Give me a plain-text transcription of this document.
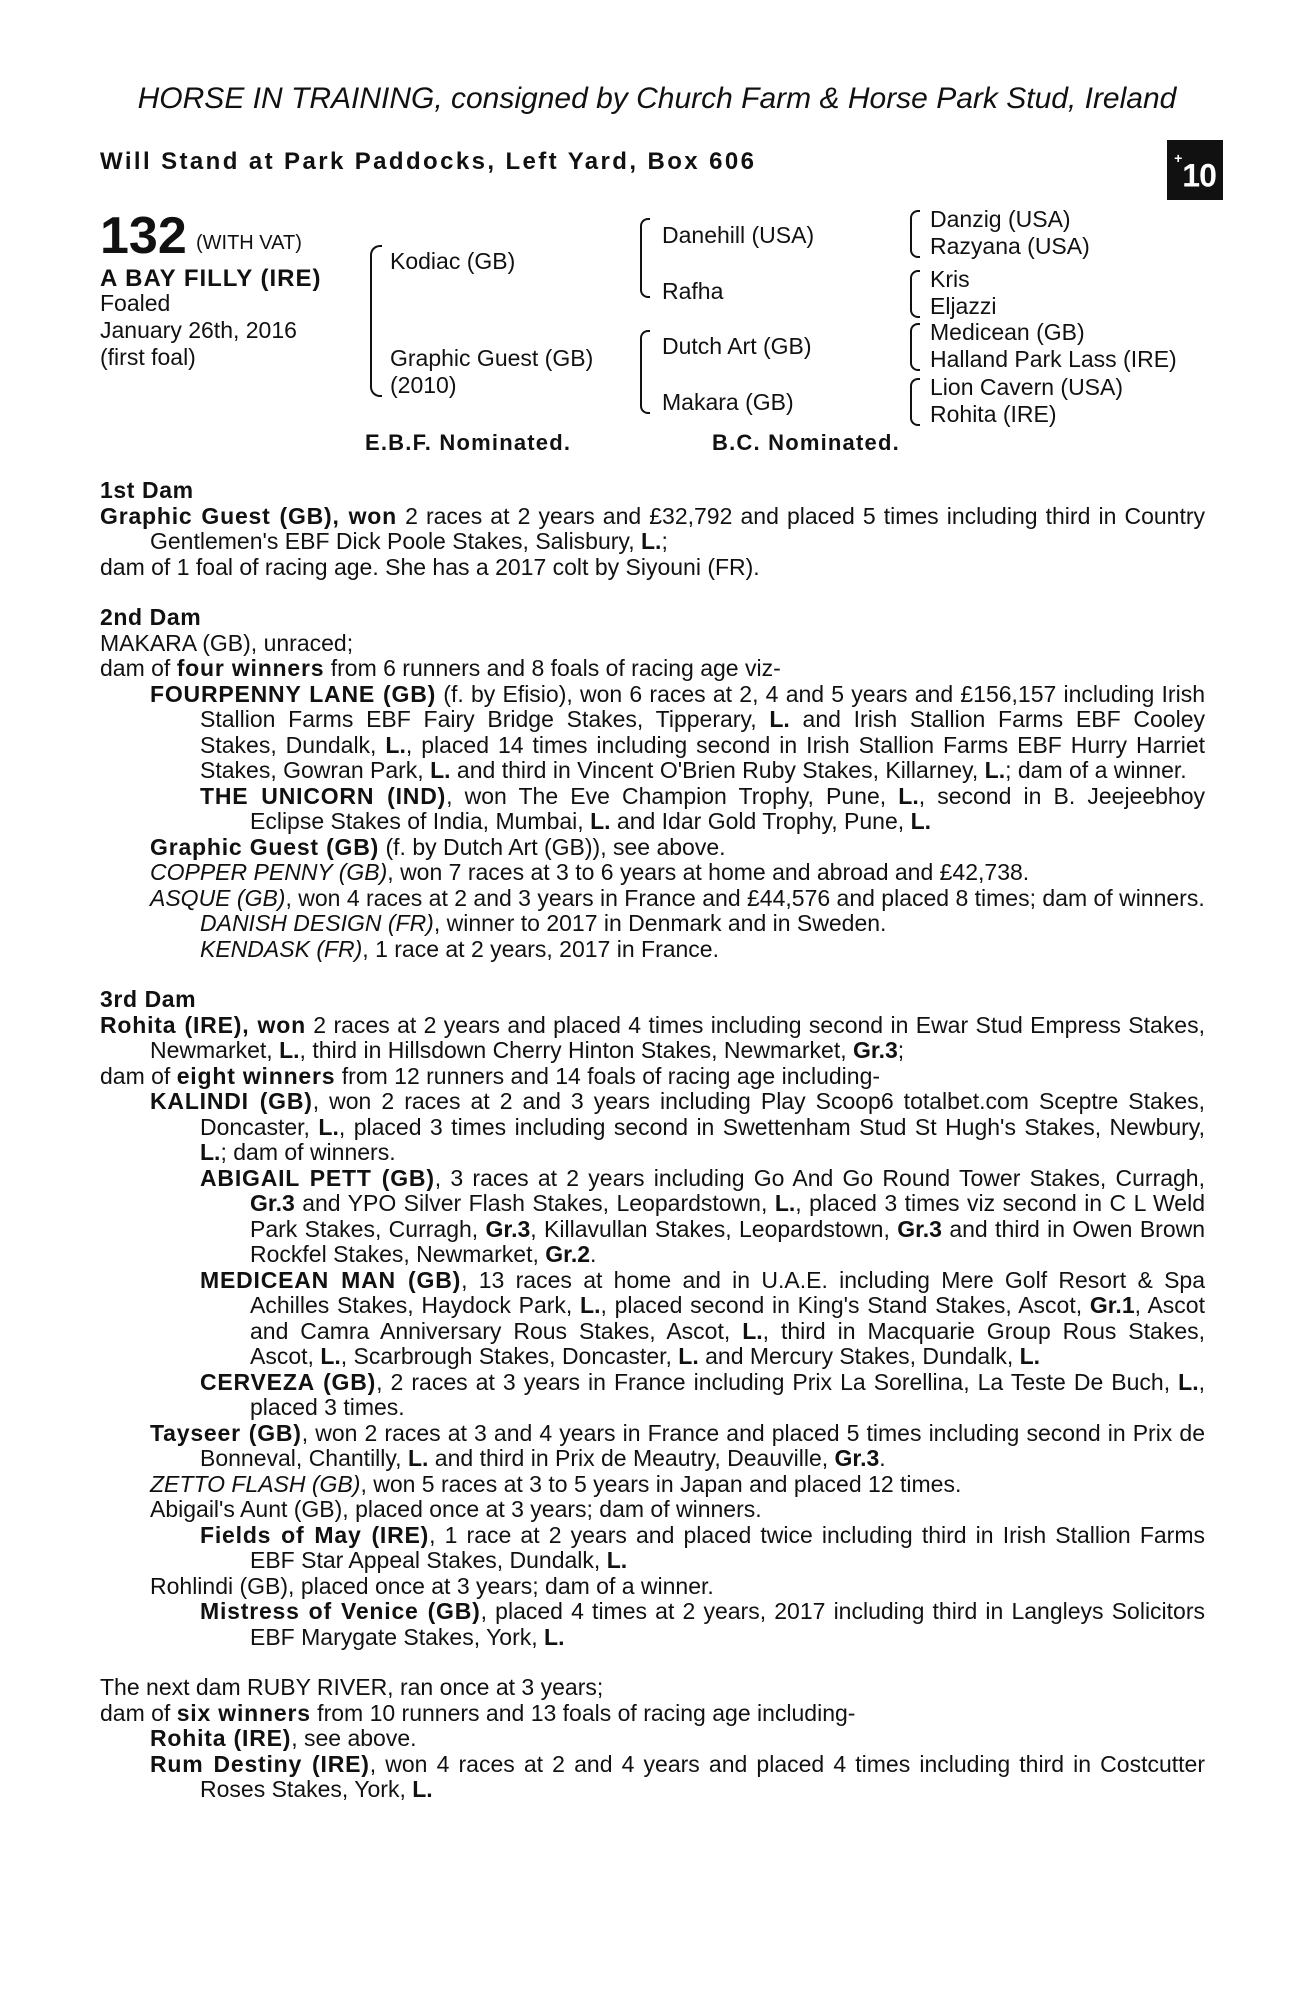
HORSE IN TRAINING, consigned by Church Farm & Horse Park Stud, Ireland
Will Stand at Park Paddocks, Left Yard, Box 606	+10
132 (WITH VAT)
A BAY FILLY (IRE)
Foaled
January 26th, 2016
(first foal)
Kodiac (GB)
Graphic Guest (GB)
(2010)
Danehill (USA)
Rafha
Dutch Art (GB)
Makara (GB)
Danzig (USA)
Razyana (USA)
Kris
Eljazzi
Medicean (GB)
Halland Park Lass (IRE)
Lion Cavern (USA)
Rohita (IRE)
E.B.F. Nominated.	B.C. Nominated.

1st Dam

Graphic Guest (GB), won 2 races at 2 years and £32,792 and placed 5 times including third in Country Gentlemen's EBF Dick Poole Stakes, Salisbury, L.;

dam of 1 foal of racing age. She has a 2017 colt by Siyouni (FR).

2nd Dam

MAKARA (GB), unraced;

dam of four winners from 6 runners and 8 foals of racing age viz-

FOURPENNY LANE (GB) (f. by Efisio), won 6 races at 2, 4 and 5 years and £156,157 including Irish Stallion Farms EBF Fairy Bridge Stakes, Tipperary, L. and Irish Stallion Farms EBF Cooley Stakes, Dundalk, L., placed 14 times including second in Irish Stallion Farms EBF Hurry Harriet Stakes, Gowran Park, L. and third in Vincent O'Brien Ruby Stakes, Killarney, L.; dam of a winner.

THE UNICORN (IND), won The Eve Champion Trophy, Pune, L., second in B. Jeejeebhoy Eclipse Stakes of India, Mumbai, L. and Idar Gold Trophy, Pune, L.

Graphic Guest (GB) (f. by Dutch Art (GB)), see above.

COPPER PENNY (GB), won 7 races at 3 to 6 years at home and abroad and £42,738.

ASQUE (GB), won 4 races at 2 and 3 years in France and £44,576 and placed 8 times; dam of winners.

DANISH DESIGN (FR), winner to 2017 in Denmark and in Sweden.

KENDASK (FR), 1 race at 2 years, 2017 in France.

3rd Dam

Rohita (IRE), won 2 races at 2 years and placed 4 times including second in Ewar Stud Empress Stakes, Newmarket, L., third in Hillsdown Cherry Hinton Stakes, Newmarket, Gr.3;

dam of eight winners from 12 runners and 14 foals of racing age including-

KALINDI (GB), won 2 races at 2 and 3 years including Play Scoop6 totalbet.com Sceptre Stakes, Doncaster, L., placed 3 times including second in Swettenham Stud St Hugh's Stakes, Newbury, L.; dam of winners.

ABIGAIL PETT (GB), 3 races at 2 years including Go And Go Round Tower Stakes, Curragh, Gr.3 and YPO Silver Flash Stakes, Leopardstown, L., placed 3 times viz second in C L Weld Park Stakes, Curragh, Gr.3, Killavullan Stakes, Leopardstown, Gr.3 and third in Owen Brown Rockfel Stakes, Newmarket, Gr.2.

MEDICEAN MAN (GB), 13 races at home and in U.A.E. including Mere Golf Resort & Spa Achilles Stakes, Haydock Park, L., placed second in King's Stand Stakes, Ascot, Gr.1, Ascot and Camra Anniversary Rous Stakes, Ascot, L., third in Macquarie Group Rous Stakes, Ascot, L., Scarbrough Stakes, Doncaster, L. and Mercury Stakes, Dundalk, L.

CERVEZA (GB), 2 races at 3 years in France including Prix La Sorellina, La Teste De Buch, L., placed 3 times.

Tayseer (GB), won 2 races at 3 and 4 years in France and placed 5 times including second in Prix de Bonneval, Chantilly, L. and third in Prix de Meautry, Deauville, Gr.3.

ZETTO FLASH (GB), won 5 races at 3 to 5 years in Japan and placed 12 times.

Abigail's Aunt (GB), placed once at 3 years; dam of winners.

Fields of May (IRE), 1 race at 2 years and placed twice including third in Irish Stallion Farms EBF Star Appeal Stakes, Dundalk, L.

Rohlindi (GB), placed once at 3 years; dam of a winner.

Mistress of Venice (GB), placed 4 times at 2 years, 2017 including third in Langleys Solicitors EBF Marygate Stakes, York, L.

The next dam RUBY RIVER, ran once at 3 years;

dam of six winners from 10 runners and 13 foals of racing age including-

Rohita (IRE), see above.

Rum Destiny (IRE), won 4 races at 2 and 4 years and placed 4 times including third in Costcutter Roses Stakes, York, L.
